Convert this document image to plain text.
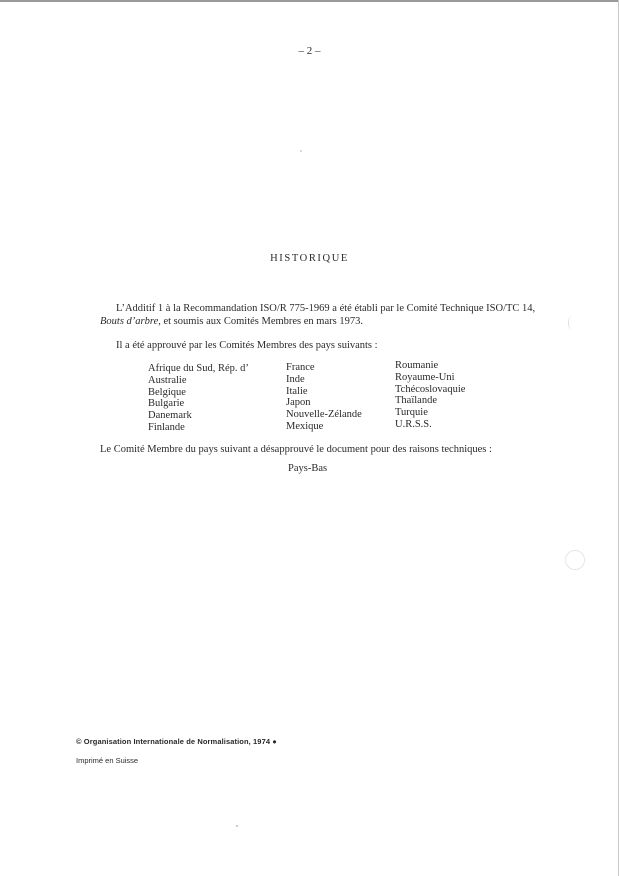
– 2 –
HISTORIQUE
L’Additif 1 à la Recommandation ISO/R 775-1969 a été établi par le Comité Technique ISO/TC 14, Bouts d’arbre, et soumis aux Comités Membres en mars 1973.
Il a été approuvé par les Comités Membres des pays suivants :
Afrique du Sud, Rép. d’
Australie
Belgique
Bulgarie
Danemark
Finlande
France
Inde
Italie
Japon
Nouvelle-Zélande
Mexique
Roumanie
Royaume-Uni
Tchécoslovaquie
Thaïlande
Turquie
U.R.S.S.
Le Comité Membre du pays suivant a désapprouvé le document pour des raisons techniques :
Pays-Bas
© Organisation Internationale de Normalisation, 1974 ●
Imprimé en Suisse
